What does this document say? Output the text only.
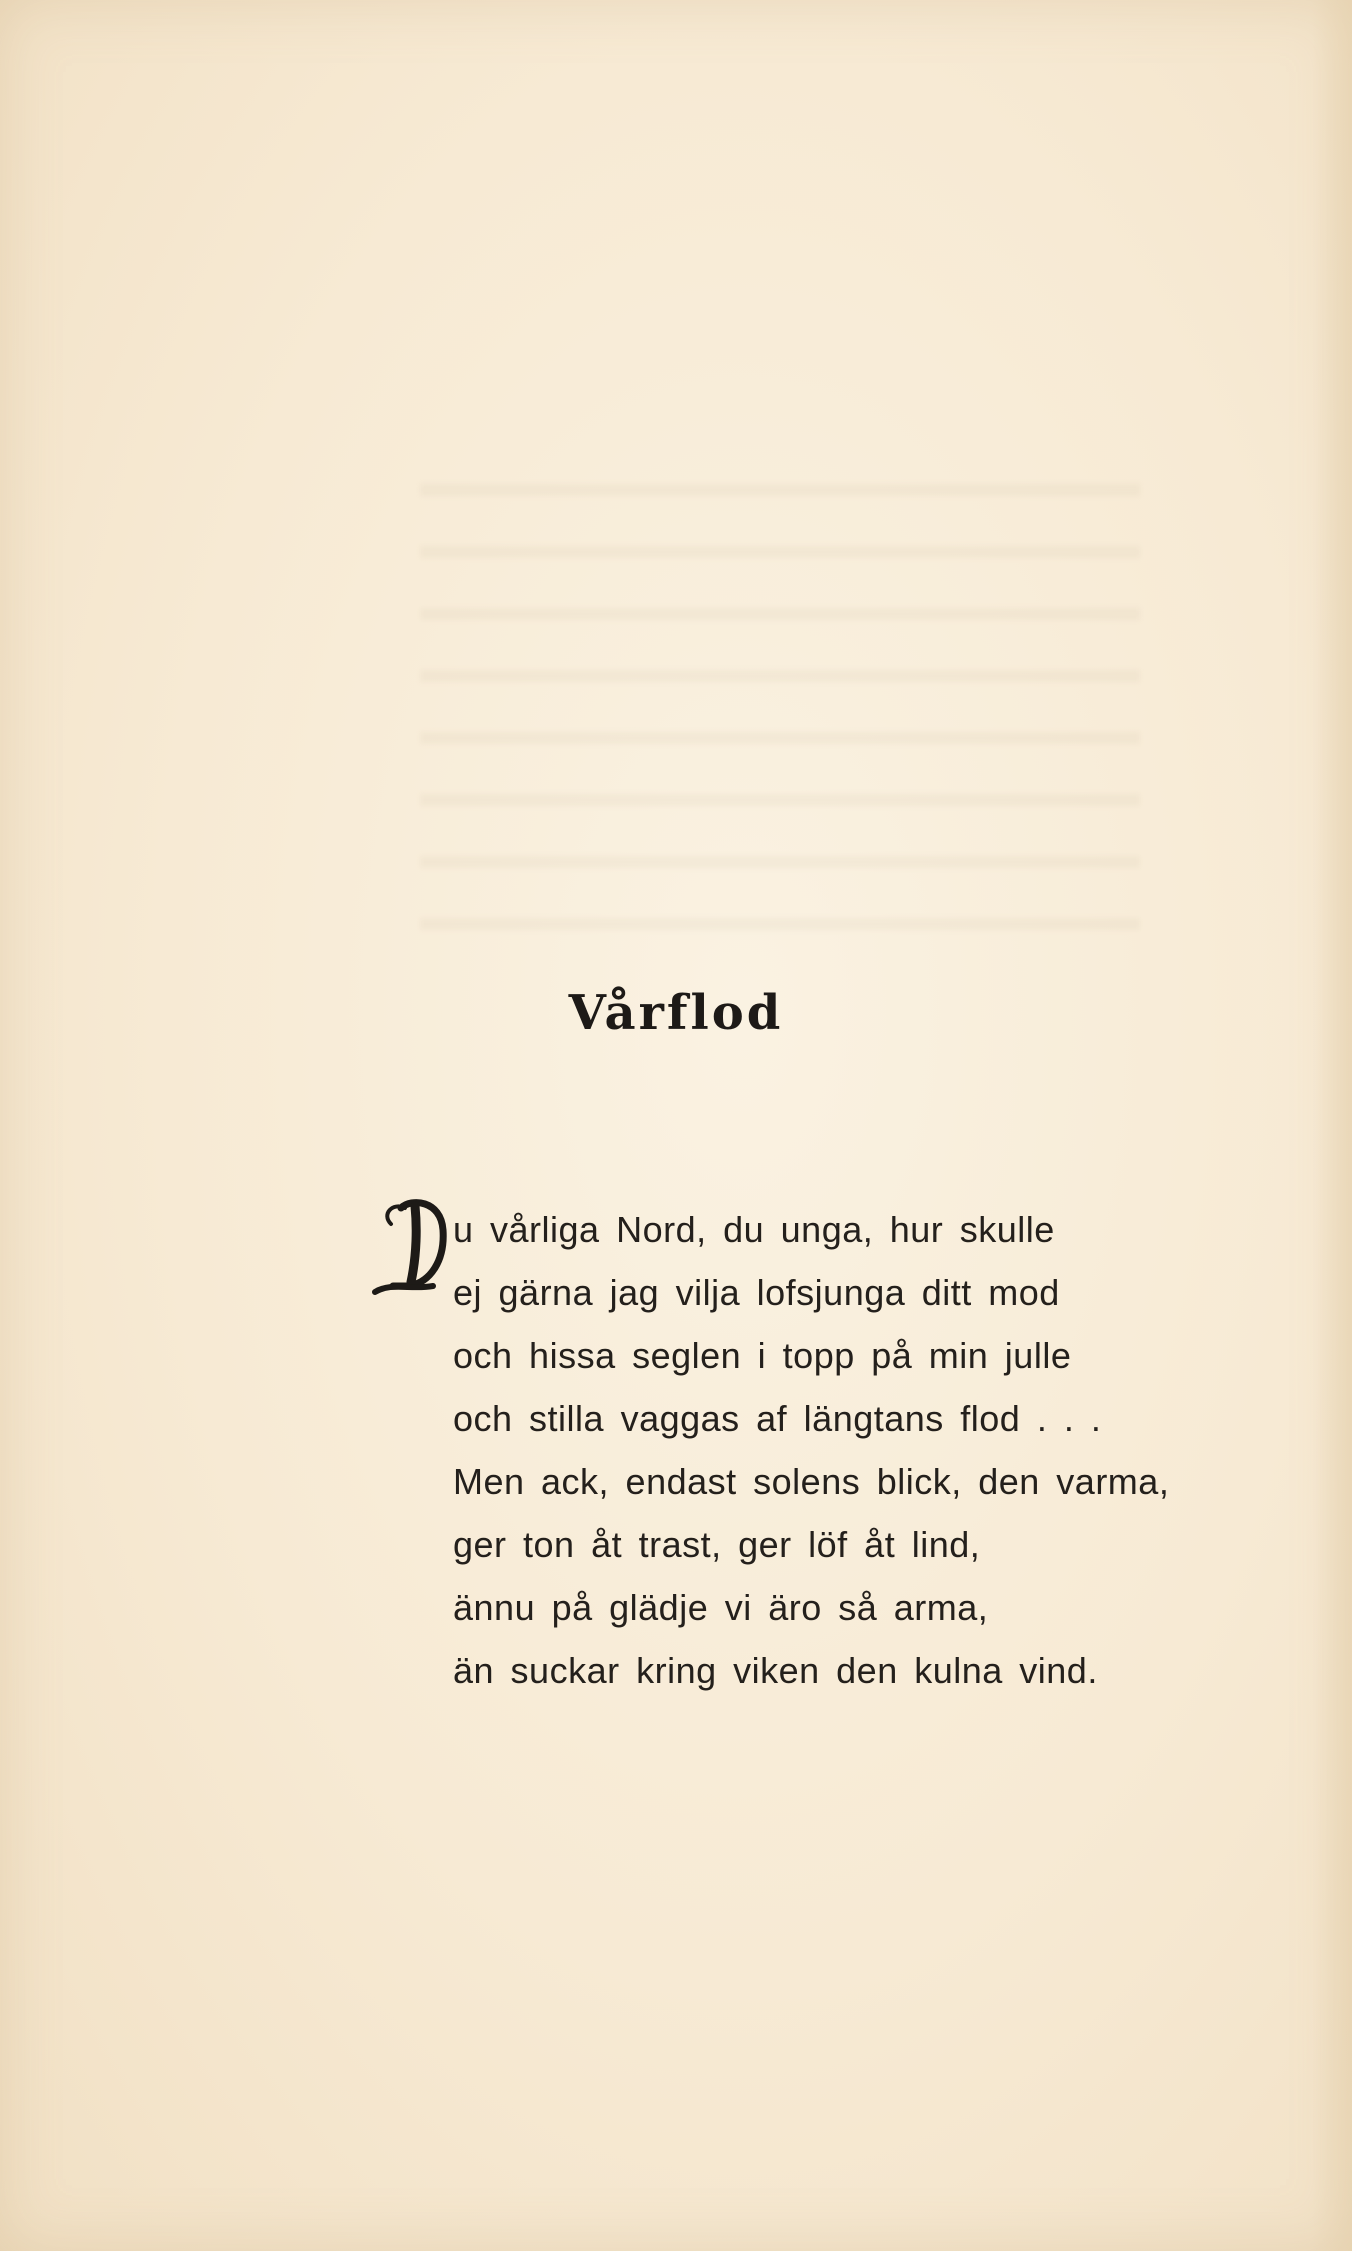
Vårflod
u vårliga Nord, du unga, hur skulle
ej gärna jag vilja lofsjunga ditt mod
och hissa seglen i topp på min julle
och stilla vaggas af längtans flod . . .
Men ack, endast solens blick, den varma,
ger ton åt trast, ger löf åt lind,
ännu på glädje vi äro så arma,
än suckar kring viken den kulna vind.
